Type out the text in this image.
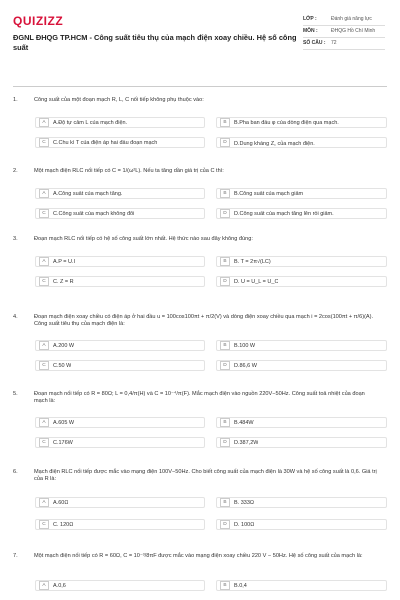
QUIZIZZ
ĐGNL ĐHQG TP.HCM - Công suất tiêu thụ của mạch điện xoay chiều. Hệ số công suất
LỚP :	Đánh giá năng lực
MÔN :	ĐHQG Hồ Chí Minh
SỐ CÂU :	72
1.	Công suất của một đoạn mạch R, L, C nối tiếp không phụ thuộc vào:
A	A.Độ tự cảm L của mạch điện.	B	B.Pha ban đầu φ của dòng điện qua mạch.
C	C.Chu kì T của điện áp hai đầu đoạn mạch	D	D.Dung kháng Z꜀ của mạch điện.
2.	Một mạch điện RLC nối tiếp có C = 1/(ω²L). Nếu ta tăng dần giá trị của C thì:
A	A.Công suất của mạch tăng.	B	B.Công suất của mạch giảm
C	C.Công suất của mạch không đổi	D	D.Công suất của mạch tăng lên rồi giảm.
3.	Đoạn mạch RLC nối tiếp có hệ số công suất lớn nhất. Hệ thức nào sau đây không đúng:
A	A.P = U.I	B	B. T = 2π√(LC)
C	C. Z = R	D	D. U = U_L = U_C
4.	Đoạn mạch điện xoay chiều có điện áp ở hai đầu u = 100cos100πt + π/2(V) và dòng điện xoay chiều qua mạch i = 2cos(100πt + π/6)(A). Công suất tiêu thụ của mạch điện là:
A	A.200 W	B	B.100 W
C	C.50 W	D	D.86,6 W
5.	Đoạn mạch nối tiếp có R = 80Ω; L = 0,4/π(H) và C = 10⁻⁴/π(F). Mắc mạch điện vào nguồn 220V−50Hz. Công suất toả nhiệt của đoạn mạch là:
A	A.605 W	B	B.484W
C	C.176W	D	D.387,2W
6.	Mạch điện RLC nối tiếp được mắc vào mạng điện 100V−50Hz. Cho biết công suất của mạch điện là 30W và hệ số công suất là 0,6. Giá trị của R là:
A	A.60Ω	B	B. 333Ω
C	C. 120Ω	D	D. 100Ω
7.	Một mạch điện nối tiếp có R = 60Ω, C = 10⁻³/8πF được mắc vào mạng điện xoay chiều 220 V − 50Hz. Hệ số công suất của mạch là:
A	A.0,6	B	B.0,4
